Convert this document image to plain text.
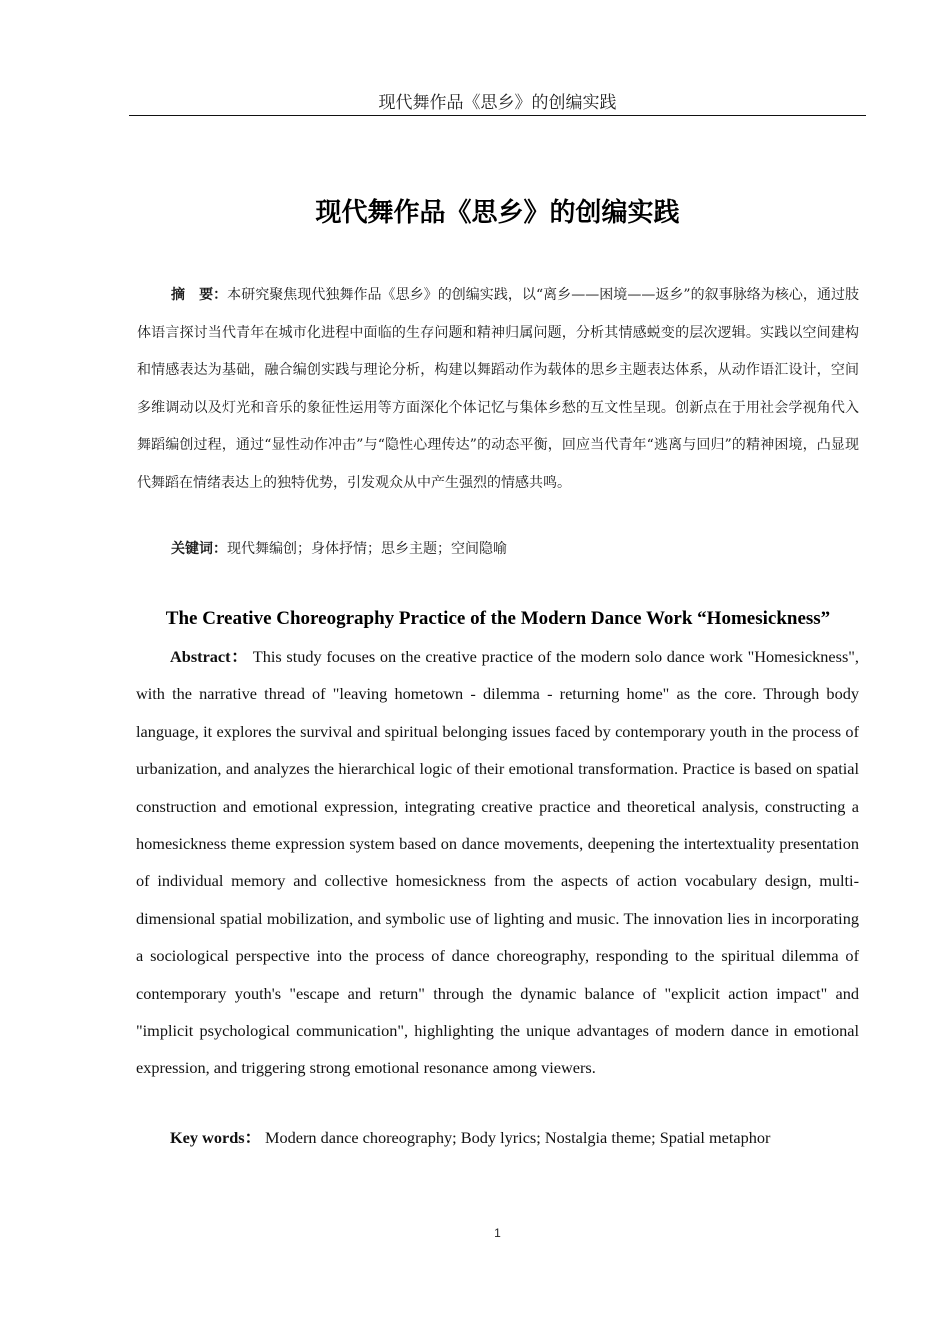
现代舞作品《思乡》的创编实践
现代舞作品《思乡》的创编实践

摘　要：本研究聚焦现代独舞作品《思乡》的创编实践，以“离乡——困境——返乡”的叙事脉络为核心，通过肢体语言探讨当代青年在城市化进程中面临的生存问题和精神归属问题，分析其情感蜕变的层次逻辑。实践以空间建构和情感表达为基础，融合编创实践与理论分析，构建以舞蹈动作为载体的思乡主题表达体系，从动作语汇设计，空间多维调动以及灯光和音乐的象征性运用等方面深化个体记忆与集体乡愁的互文性呈现。创新点在于用社会学视角代入舞蹈编创过程，通过“显性动作冲击”与“隐性心理传达”的动态平衡，回应当代青年“逃离与回归”的精神困境，凸显现代舞蹈在情绪表达上的独特优势，引发观众从中产生强烈的情感共鸣。

关键词：现代舞编创；身体抒情；思乡主题；空间隐喻

The Creative Choreography Practice of the Modern Dance Work “Homesickness”

Abstract： This study focuses on the creative practice of the modern solo dance work "Homesickness", with the narrative thread of "leaving hometown - dilemma - returning home" as the core. Through body language, it explores the survival and spiritual belonging issues faced by contemporary youth in the process of urbanization, and analyzes the hierarchical logic of their emotional transformation. Practice is based on spatial construction and emotional expression, integrating creative practice and theoretical analysis, constructing a homesickness theme expression system based on dance movements, deepening the intertextuality presentation of individual memory and collective homesickness from the aspects of action vocabulary design, multi-dimensional spatial mobilization, and symbolic use of lighting and music. The innovation lies in incorporating a sociological perspective into the process of dance choreography, responding to the spiritual dilemma of contemporary youth's "escape and return" through the dynamic balance of "explicit action impact" and "implicit psychological communication", highlighting the unique advantages of modern dance in emotional expression, and triggering strong emotional resonance among viewers.

Key words： Modern dance choreography; Body lyrics; Nostalgia theme; Spatial metaphor

1
